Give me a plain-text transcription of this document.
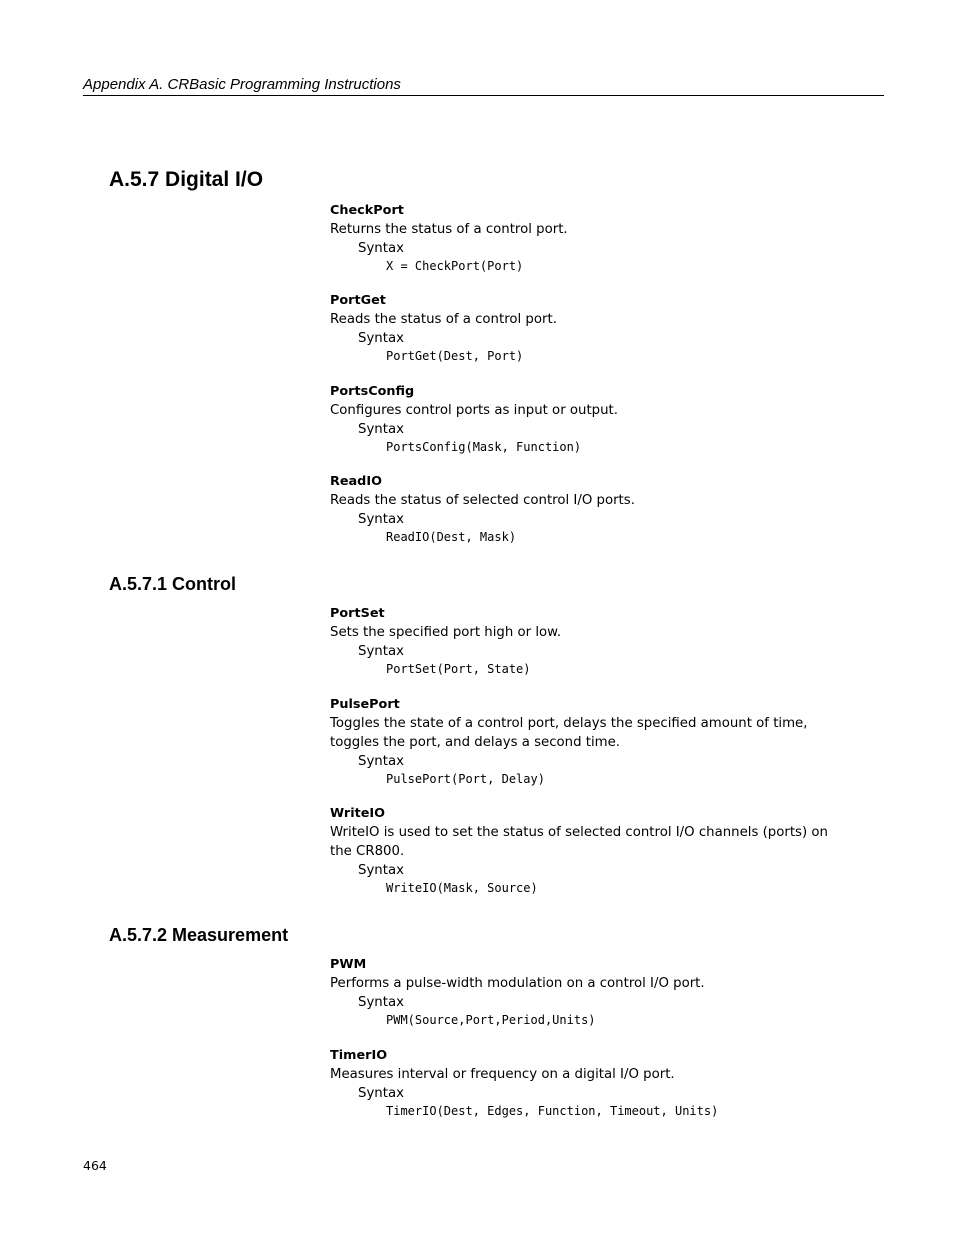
Appendix A. CRBasic Programming Instructions
A.5.7 Digital I/O
CheckPort
Returns the status of a control port.
Syntax
X = CheckPort(Port)
PortGet
Reads the status of a control port.
Syntax
PortGet(Dest, Port)
PortsConfig
Configures control ports as input or output.
Syntax
PortsConfig(Mask, Function)
ReadIO
Reads the status of selected control I/O ports.
Syntax
ReadIO(Dest, Mask)
A.5.7.1 Control
PortSet
Sets the specified port high or low.
Syntax
PortSet(Port, State)
PulsePort
Toggles the state of a control port, delays the specified amount of time, toggles the port, and delays a second time.
Syntax
PulsePort(Port, Delay)
WriteIO
WriteIO is used to set the status of selected control I/O channels (ports) on the CR800.
Syntax
WriteIO(Mask, Source)
A.5.7.2 Measurement
PWM
Performs a pulse-width modulation on a control I/O port.
Syntax
PWM(Source,Port,Period,Units)
TimerIO
Measures interval or frequency on a digital I/O port.
Syntax
TimerIO(Dest, Edges, Function, Timeout, Units)
464
